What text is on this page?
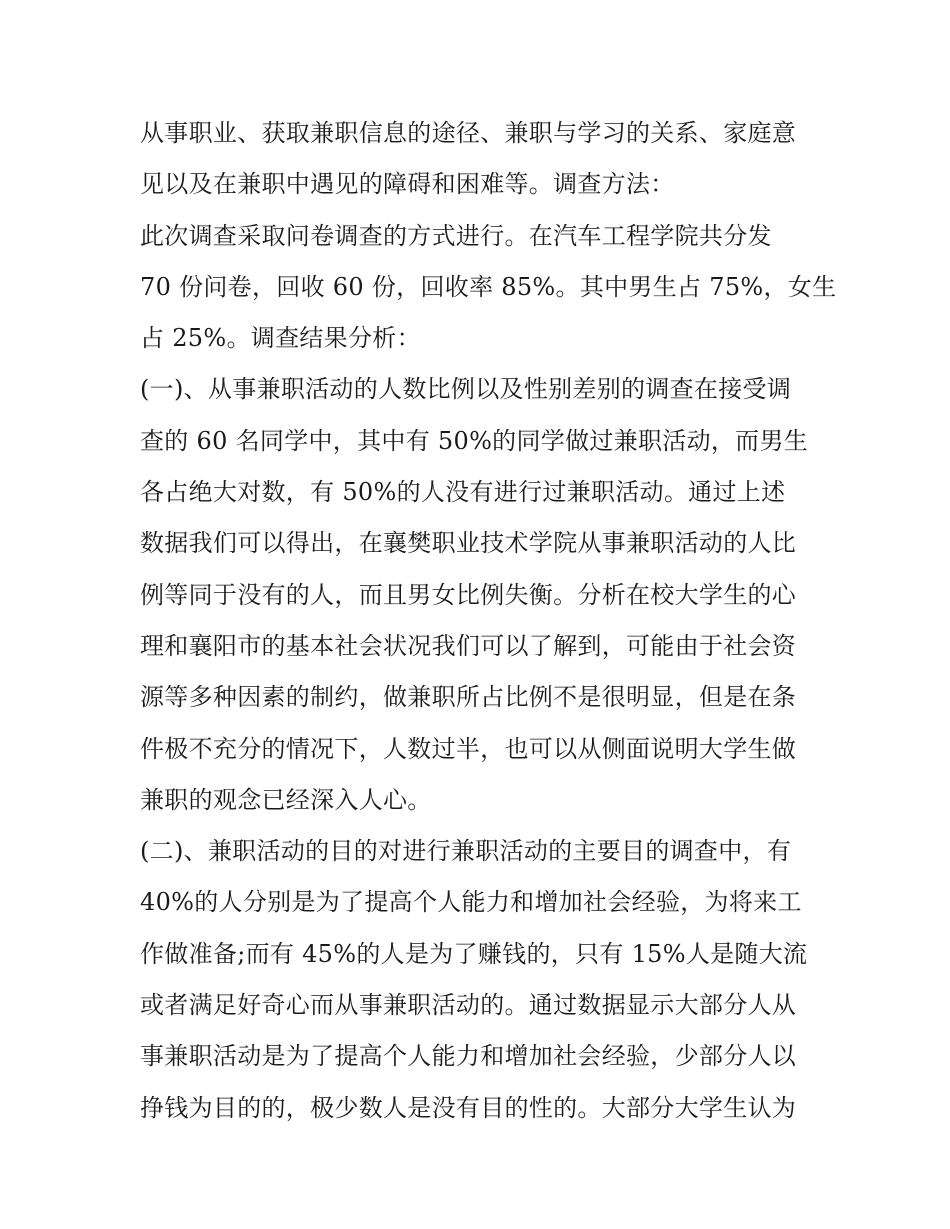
从事职业、获取兼职信息的途径、兼职与学习的关系、家庭意
见以及在兼职中遇见的障碍和困难等。调查方法：
此次调查采取问卷调查的方式进行。在汽车工程学院共分发
70 份问卷，回收 60 份，回收率 85%。其中男生占 75%，女生
占 25%。调查结果分析：
(一)、从事兼职活动的人数比例以及性别差别的调查在接受调
查的 60 名同学中，其中有 50%的同学做过兼职活动，而男生
各占绝大对数，有 50%的人没有进行过兼职活动。通过上述
数据我们可以得出，在襄樊职业技术学院从事兼职活动的人比
例等同于没有的人，而且男女比例失衡。分析在校大学生的心
理和襄阳市的基本社会状况我们可以了解到，可能由于社会资
源等多种因素的制约，做兼职所占比例不是很明显，但是在条
件极不充分的情况下，人数过半，也可以从侧面说明大学生做
兼职的观念已经深入人心。
(二)、兼职活动的目的对进行兼职活动的主要目的调查中，有
40%的人分别是为了提高个人能力和增加社会经验，为将来工
作做准备;而有 45%的人是为了赚钱的，只有 15%人是随大流
或者满足好奇心而从事兼职活动的。通过数据显示大部分人从
事兼职活动是为了提高个人能力和增加社会经验，少部分人以
挣钱为目的的，极少数人是没有目的性的。大部分大学生认为
